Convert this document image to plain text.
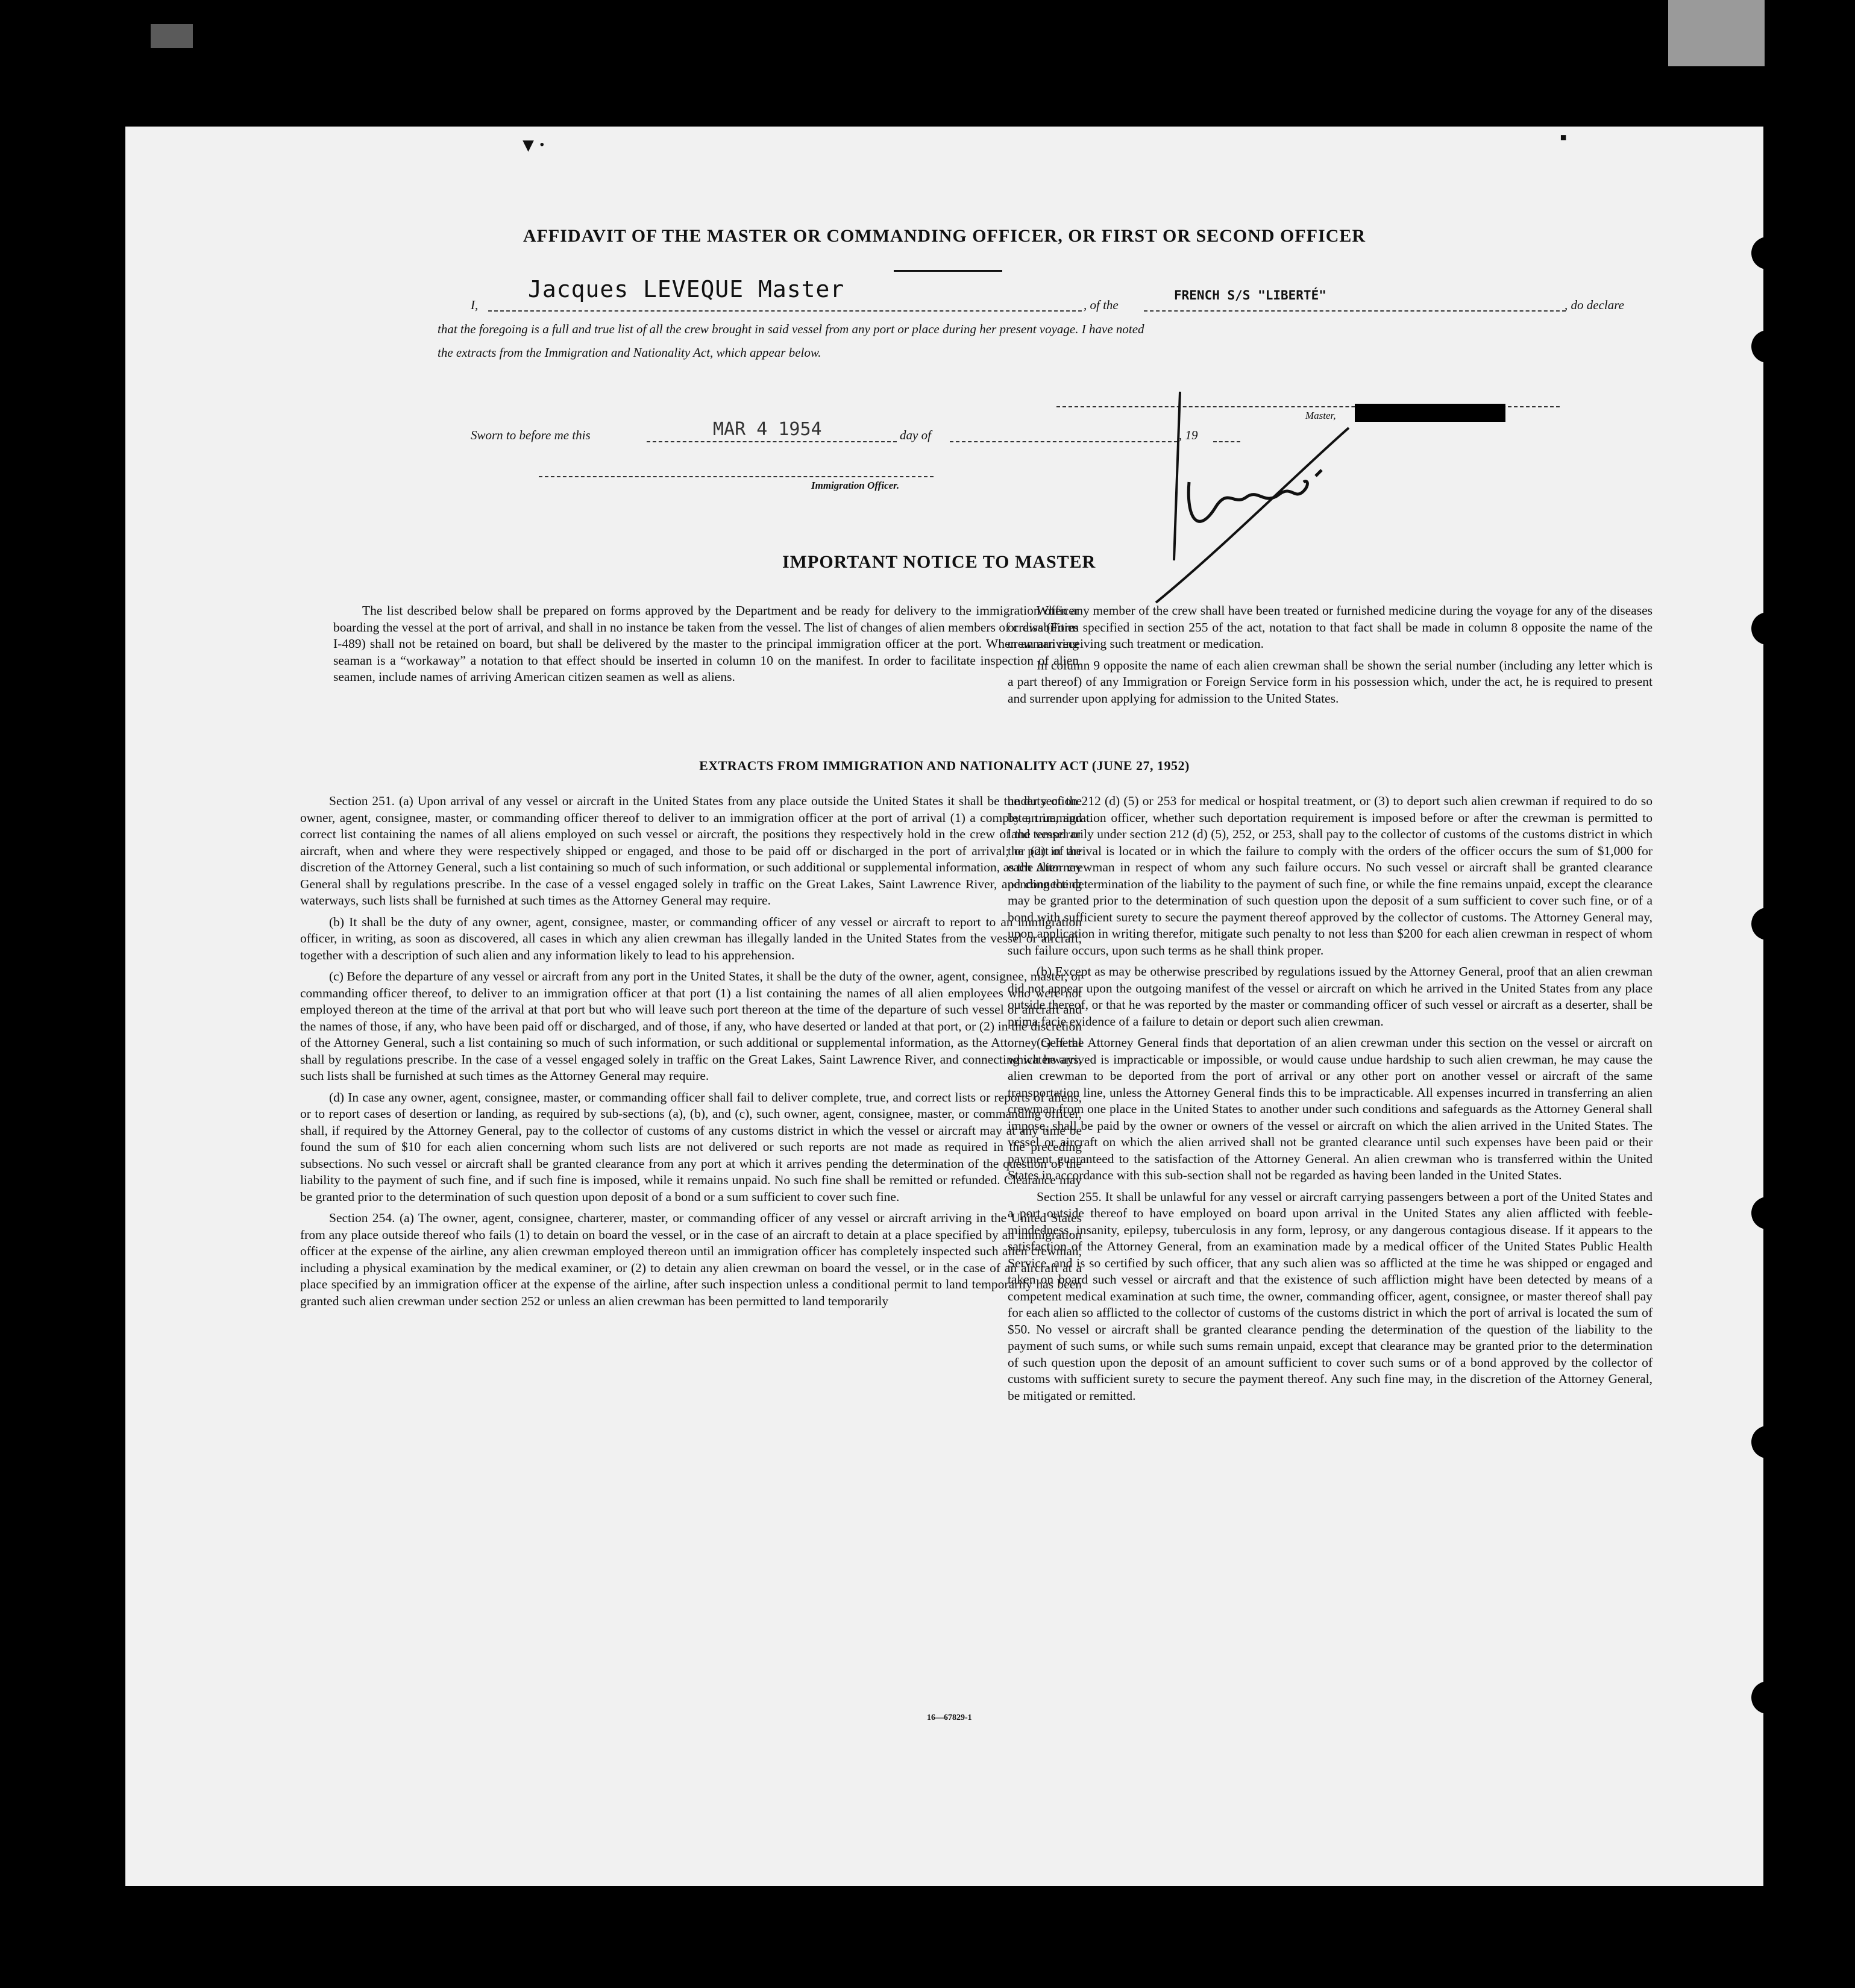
▾ ·	▪
AFFIDAVIT OF THE MASTER OR COMMANDING OFFICER, OR FIRST OR SECOND OFFICER
I,
Jacques LEVEQUE Master
, of the
FRENCH S/S "LIBERTÉ"
, do declare
that the foregoing is a full and true list of all the crew brought in said vessel from any port or place during her present voyage. I have noted
the extracts from the Immigration and Nationality Act, which appear below.
Master,
Sworn to before me this	MAR 4 1954	day of	, 19
Immigration Officer.
IMPORTANT NOTICE TO MASTER

The list described below shall be prepared on forms approved by the Department and be ready for delivery to the immigration officer boarding the vessel at the port of arrival, and shall in no instance be taken from the vessel. The list of changes of alien members of crews (Form I-489) shall not be retained on board, but shall be delivered by the master to the principal immigration officer at the port. When an arriving seaman is a “workaway” a notation to that effect should be inserted in column 10 on the manifest. In order to facilitate inspection of alien seamen, include names of arriving American citizen seamen as well as aliens.

When any member of the crew shall have been treated or furnished medicine during the voyage for any of the diseases or disabilities specified in section 255 of the act, notation to that fact shall be made in column 8 opposite the name of the crewman receiving such treatment or medication.

In column 9 opposite the name of each alien crewman shall be shown the serial number (including any letter which is a part thereof) of any Immigration or Foreign Service form in his possession which, under the act, he is required to present and surrender upon applying for admission to the United States.

EXTRACTS FROM IMMIGRATION AND NATIONALITY ACT (JUNE 27, 1952)

Section 251. (a) Upon arrival of any vessel or aircraft in the United States from any place outside the United States it shall be the duty of the owner, agent, consignee, master, or commanding officer thereof to deliver to an immigration officer at the port of arrival (1) a complete, true, and correct list containing the names of all aliens employed on such vessel or aircraft, the positions they respectively hold in the crew of the vessel or aircraft, when and where they were respectively shipped or engaged, and those to be paid off or discharged in the port of arrival; or (2) in the discretion of the Attorney General, such a list containing so much of such information, or such additional or supplemental information, as the Attorney General shall by regulations prescribe. In the case of a vessel engaged solely in traffic on the Great Lakes, Saint Lawrence River, and connecting waterways, such lists shall be furnished at such times as the Attorney General may require.

(b) It shall be the duty of any owner, agent, consignee, master, or commanding officer of any vessel or aircraft to report to an immigration officer, in writing, as soon as discovered, all cases in which any alien crewman has illegally landed in the United States from the vessel or aircraft, together with a description of such alien and any information likely to lead to his apprehension.

(c) Before the departure of any vessel or aircraft from any port in the United States, it shall be the duty of the owner, agent, consignee, master, or commanding officer thereof, to deliver to an immigration officer at that port (1) a list containing the names of all alien employees who were not employed thereon at the time of the arrival at that port but who will leave such port thereon at the time of the departure of such vessel or aircraft and the names of those, if any, who have been paid off or discharged, and of those, if any, who have deserted or landed at that port, or (2) in the discretion of the Attorney General, such a list containing so much of such information, or such additional or supplemental information, as the Attorney General shall by regulations prescribe. In the case of a vessel engaged solely in traffic on the Great Lakes, Saint Lawrence River, and connecting waterways, such lists shall be furnished at such times as the Attorney General may require.

(d) In case any owner, agent, consignee, master, or commanding officer shall fail to deliver complete, true, and correct lists or reports of aliens, or to report cases of desertion or landing, as required by sub-sections (a), (b), and (c), such owner, agent, consignee, master, or commanding officer, shall, if required by the Attorney General, pay to the collector of customs of any customs district in which the vessel or aircraft may at any time be found the sum of $10 for each alien concerning whom such lists are not delivered or such reports are not made as required in the preceding subsections. No such vessel or aircraft shall be granted clearance from any port at which it arrives pending the determination of the question of the liability to the payment of such fine, and if such fine is imposed, while it remains unpaid. No such fine shall be remitted or refunded. Clearance may be granted prior to the determination of such question upon deposit of a bond or a sum sufficient to cover such fine.

Section 254. (a) The owner, agent, consignee, charterer, master, or commanding officer of any vessel or aircraft arriving in the United States from any place outside thereof who fails (1) to detain on board the vessel, or in the case of an aircraft to detain at a place specified by an immigration officer at the expense of the airline, any alien crewman employed thereon until an immigration officer has completely inspected such alien crewman, including a physical examination by the medical examiner, or (2) to detain any alien crewman on board the vessel, or in the case of an aircraft at a place specified by an immigration officer at the expense of the airline, after such inspection unless a conditional permit to land temporarily has been granted such alien crewman under section 252 or unless an alien crewman has been permitted to land temporarily

under section 212 (d) (5) or 253 for medical or hospital treatment, or (3) to deport such alien crewman if required to do so by an immigration officer, whether such deportation requirement is imposed before or after the crewman is permitted to land temporarily under section 212 (d) (5), 252, or 253, shall pay to the collector of customs of the customs district in which the port of arrival is located or in which the failure to comply with the orders of the officer occurs the sum of $1,000 for each alien crewman in respect of whom any such failure occurs. No such vessel or aircraft shall be granted clearance pending the determination of the liability to the payment of such fine, or while the fine remains unpaid, except the clearance may be granted prior to the determination of such question upon the deposit of a sum sufficient to cover such fine, or of a bond with sufficient surety to secure the payment thereof approved by the collector of customs. The Attorney General may, upon application in writing therefor, mitigate such penalty to not less than $200 for each alien crewman in respect of whom such failure occurs, upon such terms as he shall think proper.

(b) Except as may be otherwise prescribed by regulations issued by the Attorney General, proof that an alien crewman did not appear upon the outgoing manifest of the vessel or aircraft on which he arrived in the United States from any place outside thereof, or that he was reported by the master or commanding officer of such vessel or aircraft as a deserter, shall be prima facie evidence of a failure to detain or deport such alien crewman.

(c) If the Attorney General finds that deportation of an alien crewman under this section on the vessel or aircraft on which he arrived is impracticable or impossible, or would cause undue hardship to such alien crewman, he may cause the alien crewman to be deported from the port of arrival or any other port on another vessel or aircraft of the same transportation line, unless the Attorney General finds this to be impracticable. All expenses incurred in transferring an alien crewman from one place in the United States to another under such conditions and safeguards as the Attorney General shall impose, shall be paid by the owner or owners of the vessel or aircraft on which the alien arrived in the United States. The vessel or aircraft on which the alien arrived shall not be granted clearance until such expenses have been paid or their payment guaranteed to the satisfaction of the Attorney General. An alien crewman who is transferred within the United States in accordance with this sub-section shall not be regarded as having been landed in the United States.

Section 255. It shall be unlawful for any vessel or aircraft carrying passengers between a port of the United States and a port outside thereof to have employed on board upon arrival in the United States any alien afflicted with feeble-mindedness, insanity, epilepsy, tuberculosis in any form, leprosy, or any dangerous contagious disease. If it appears to the satisfaction of the Attorney General, from an examination made by a medical officer of the United States Public Health Service, and is so certified by such officer, that any such alien was so afflicted at the time he was shipped or engaged and taken on board such vessel or aircraft and that the existence of such affliction might have been detected by means of a competent medical examination at such time, the owner, commanding officer, agent, consignee, or master thereof shall pay for each alien so afflicted to the collector of customs of the customs district in which the port of arrival is located the sum of $50. No vessel or aircraft shall be granted clearance pending the determination of the question of the liability to the payment of such sums, or while such sums remain unpaid, except that clearance may be granted prior to the determination of such question upon the deposit of an amount sufficient to cover such sums or of a bond approved by the collector of customs with sufficient surety to secure the payment thereof. Any such fine may, in the discretion of the Attorney General, be mitigated or remitted.

16—67829-1
